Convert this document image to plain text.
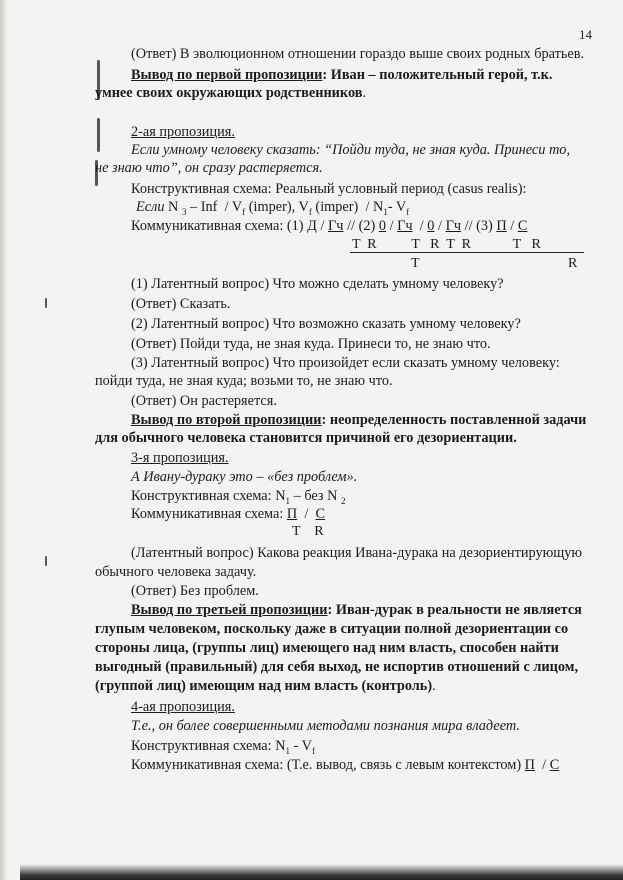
14
(Ответ) В эволюционном отношении гораздо выше своих родных братьев.
Вывод по первой пропозиции: Иван – положительный герой, т.к.
умнее своих окружающих родственников.
2-ая пропозиция.
Если умному человеку сказать: “Пойди туда, не зная куда. Принеси то,
не знаю что”, он сразу растеряется.
Конструктивная схема: Реальный условный период (casus realis):
Если N $_3$ – Inf  / $V_f$ (imper), $V_f$ (imper)  / $N_1-$ $V_f$
Коммуникативная схема: (1) Д / Гч // (2) 0 / Гч  / 0 / Гч // (3) П / С
T  R          T   R  T  R            T   R
T	R
(1) Латентный вопрос) Что можно сделать умному человеку?
(Ответ) Сказать.
(2) Латентный вопрос) Что возможно сказать умному человеку?
(Ответ) Пойди туда, не зная куда. Принеси то, не знаю что.
(3) Латентный вопрос) Что произойдет если сказать умному человеку:
пойди туда, не зная куда; возьми то, не знаю что.
(Ответ) Он растеряется.
Вывод по второй пропозиции: неопределенность поставленной задачи
для обычного человека становится причиной его дезориентации.
3-я пропозиция.
А Ивану-дураку это – «без проблем».
Конструктивная схема: $N_1$ – без N $_2$
Коммуникативная схема: П  /  С
T    R
(Латентный вопрос) Какова реакция Ивана-дурака на дезориентирующую
обычного человека задачу.
(Ответ) Без проблем.
Вывод по третьей пропозиции: Иван-дурак в реальности не является
глупым человеком, поскольку даже в ситуации полной дезориентации со
стороны лица, (группы лиц) имеющего над ним власть, способен найти
выгодный (правильный) для себя выход, не испортив отношений с лицом,
(группой лиц) имеющим над ним власть (контроль).
4-ая пропозиция.
Т.е., он более совершенными методами познания мира владеет.
Конструктивная схема: $N_1 - V_f$
Коммуникативная схема: (Т.е. вывод, связь с левым контекстом) П  / С
